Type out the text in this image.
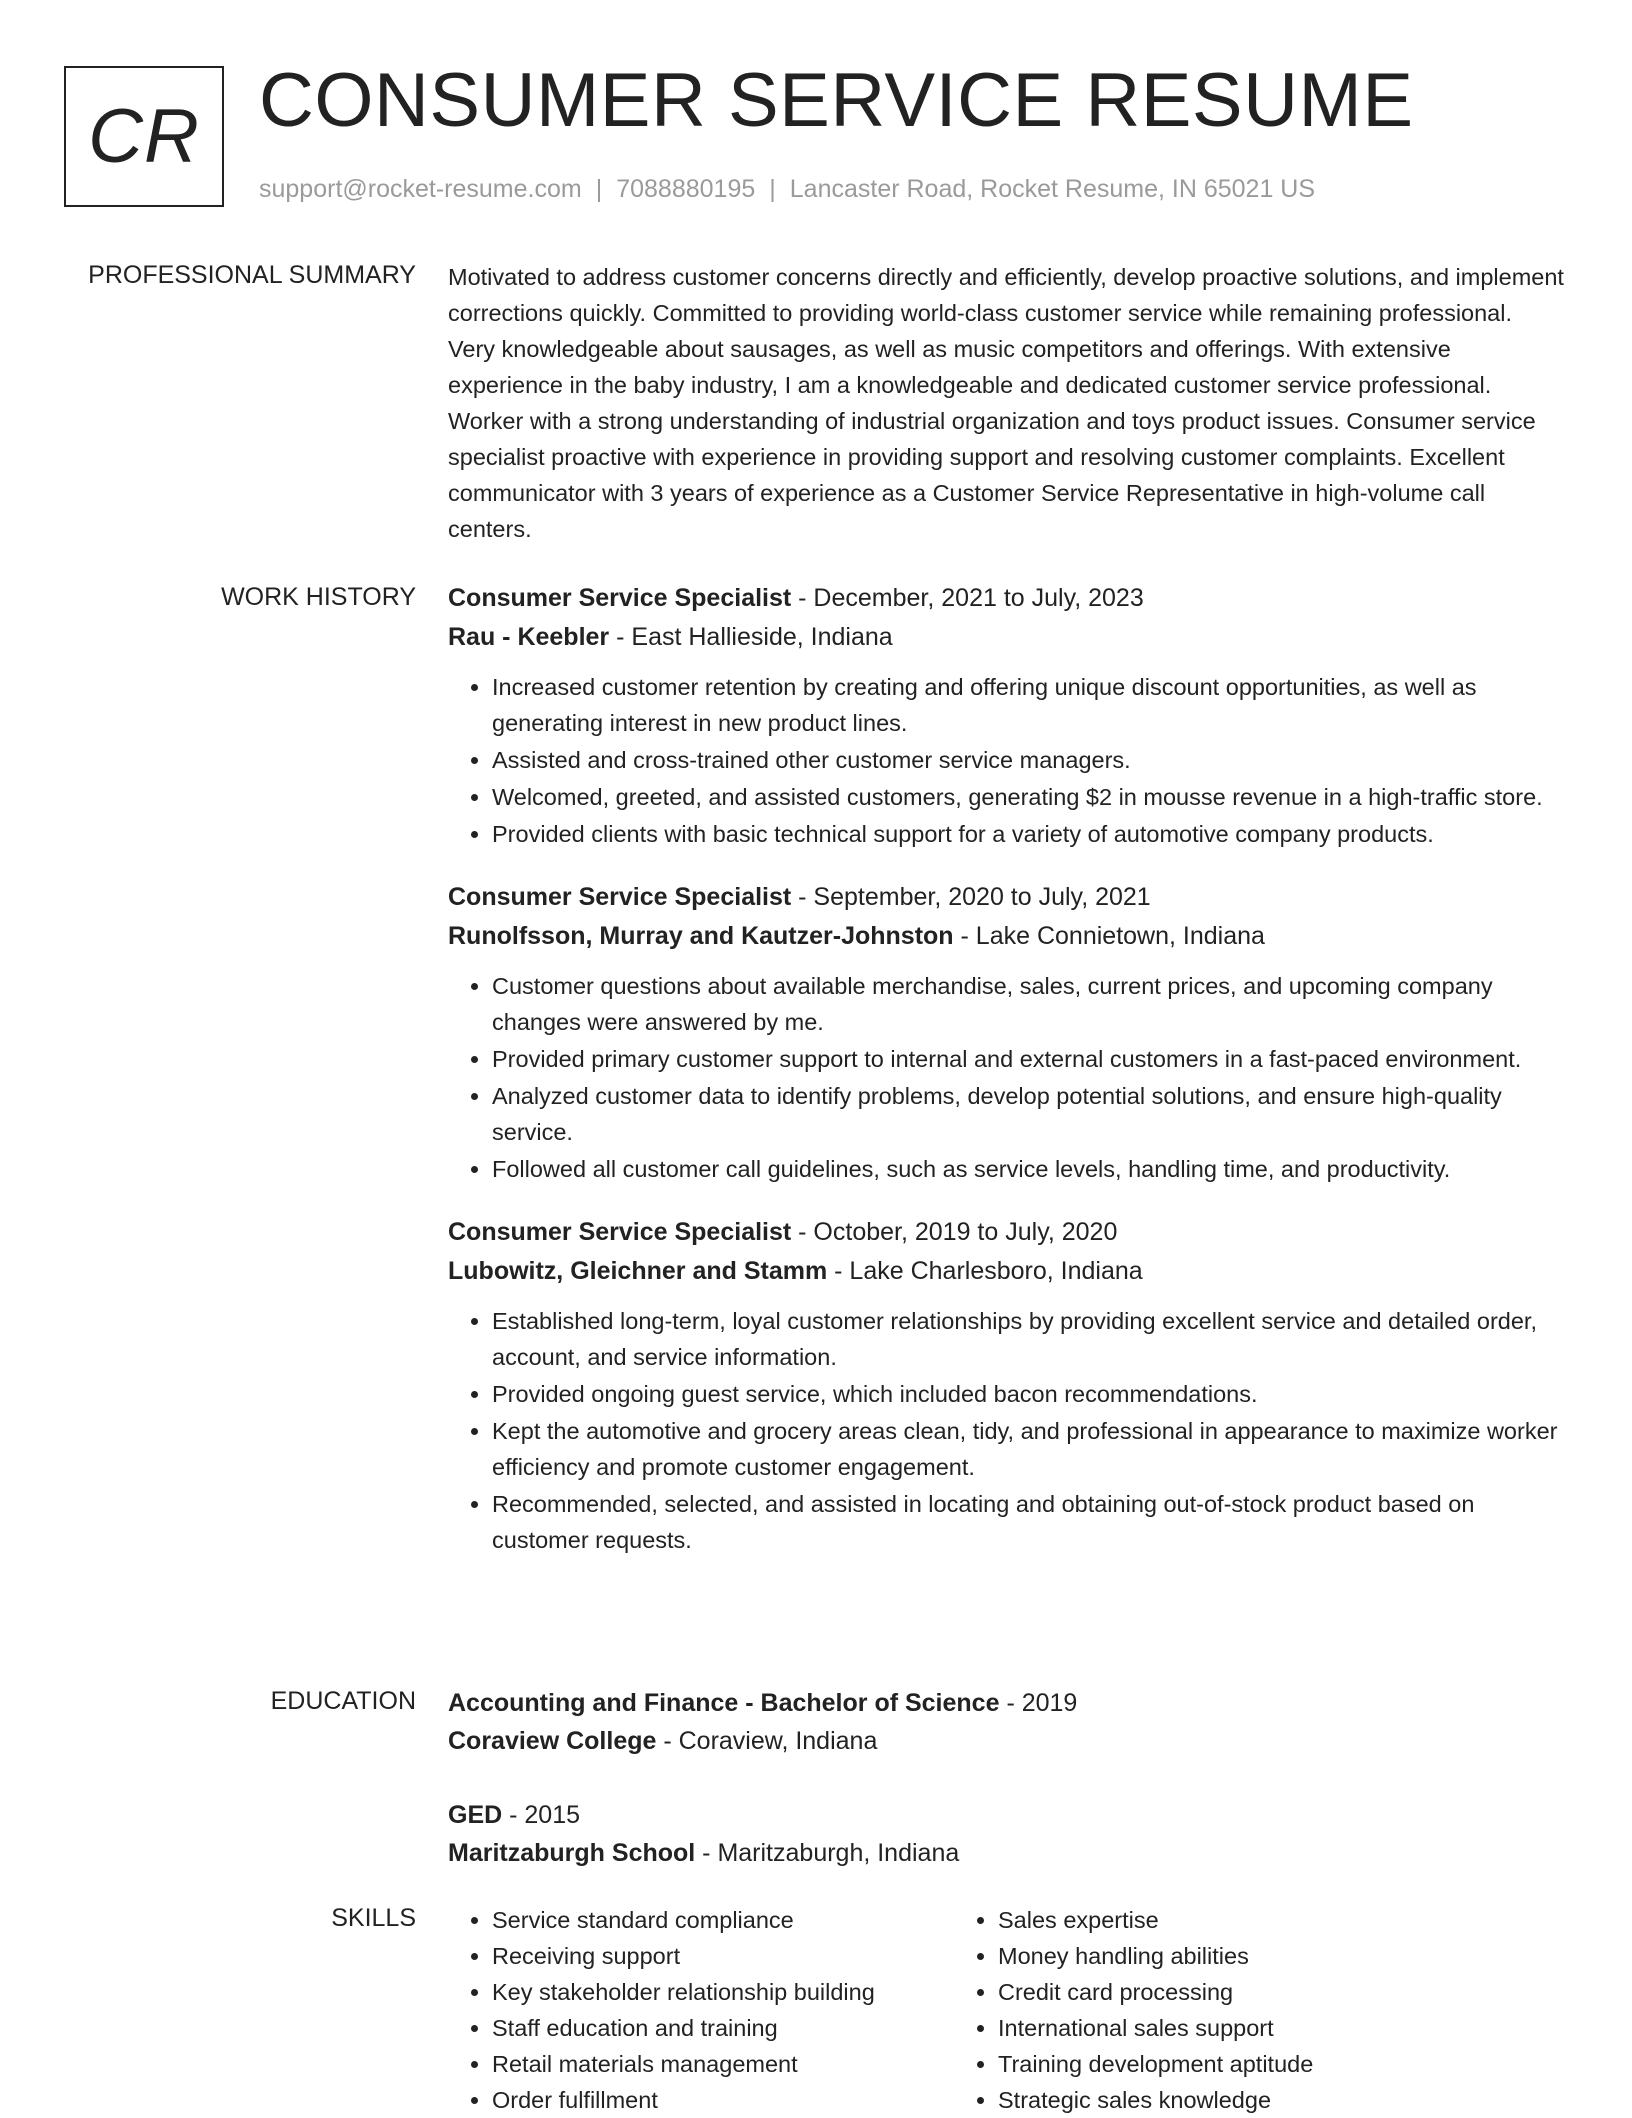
CR CONSUMER SERVICE RESUME
support@rocket-resume.com | 7088880195 | Lancaster Road, Rocket Resume, IN 65021 US
PROFESSIONAL SUMMARY Motivated to address customer concerns directly and efficiently, develop proactive solutions, and implement corrections quickly. Committed to providing world-class customer service while remaining professional. Very knowledgeable about sausages, as well as music competitors and offerings. With extensive experience in the baby industry, I am a knowledgeable and dedicated customer service professional. Worker with a strong understanding of industrial organization and toys product issues. Consumer service specialist proactive with experience in providing support and resolving customer complaints. Excellent communicator with 3 years of experience as a Customer Service Representative in high-volume call centers.

WORK HISTORY Consumer Service Specialist - December, 2021 to July, 2023
Rau - Keebler - East Hallieside, Indiana
• Increased customer retention by creating and offering unique discount opportunities, as well as generating interest in new product lines.
• Assisted and cross-trained other customer service managers.
• Welcomed, greeted, and assisted customers, generating $2 in mousse revenue in a high-traffic store.
• Provided clients with basic technical support for a variety of automotive company products.
Consumer Service Specialist - September, 2020 to July, 2021
Runolfsson, Murray and Kautzer-Johnston - Lake Connietown, Indiana
• Customer questions about available merchandise, sales, current prices, and upcoming company changes were answered by me.
• Provided primary customer support to internal and external customers in a fast-paced environment.
• Analyzed customer data to identify problems, develop potential solutions, and ensure high-quality service.
• Followed all customer call guidelines, such as service levels, handling time, and productivity.
Consumer Service Specialist - October, 2019 to July, 2020
Lubowitz, Gleichner and Stamm - Lake Charlesboro, Indiana
• Established long-term, loyal customer relationships by providing excellent service and detailed order, account, and service information.
• Provided ongoing guest service, which included bacon recommendations.
• Kept the automotive and grocery areas clean, tidy, and professional in appearance to maximize worker efficiency and promote customer engagement.
• Recommended, selected, and assisted in locating and obtaining out-of-stock product based on customer requests.
EDUCATION Accounting and Finance - Bachelor of Science - 2019
Coraview College - Coraview, Indiana
GED - 2015
Maritzaburgh School - Maritzaburgh, Indiana
SKILLS
•	Service standard compliance
• Receiving support
• Key stakeholder relationship building
• Staff education and training
• Retail materials management
• Order fulfillment
• Sales expertise
• Money handling abilities
• Credit card processing
• International sales support
• Training development aptitude
• Strategic sales knowledge
